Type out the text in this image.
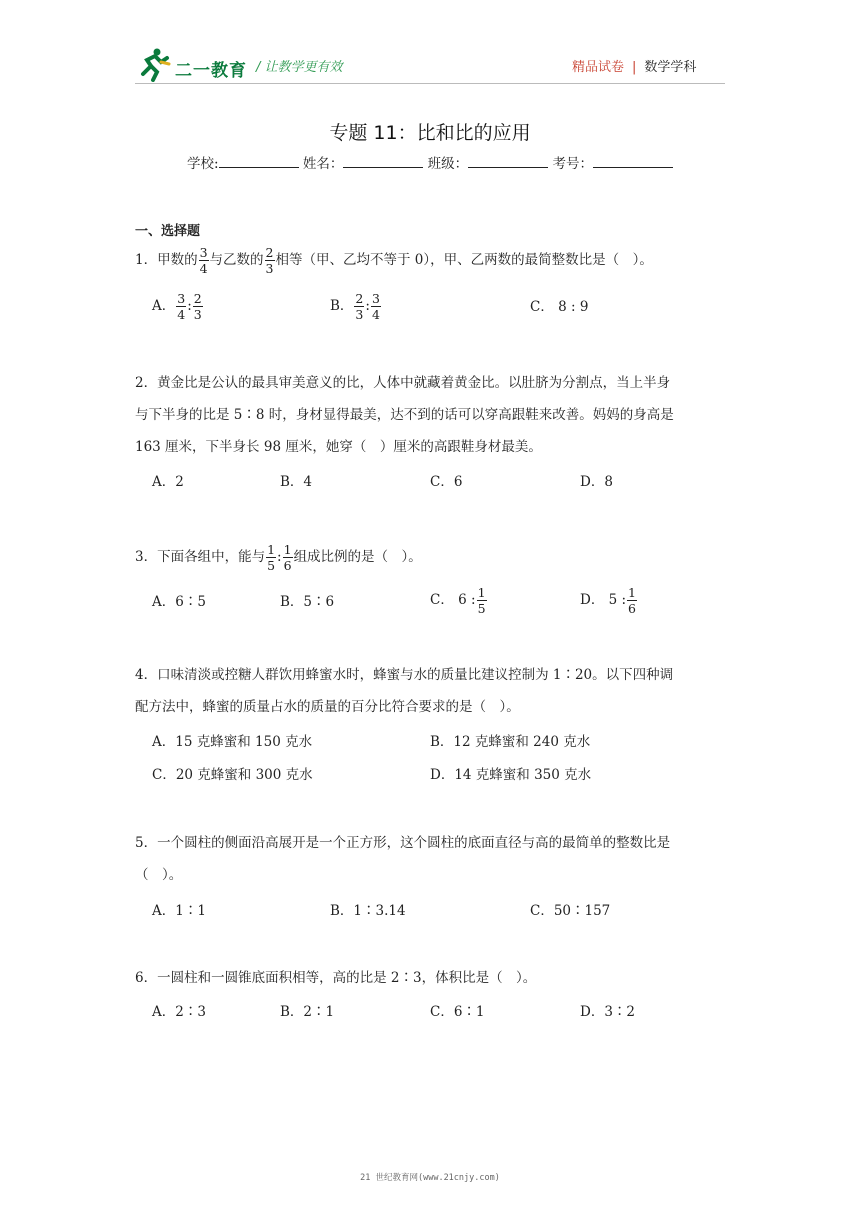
二一教育 / 让教学更有效	精品试卷 | 数学学科
专题 11：比和比的应用
学校:	姓名：	班级：	考号：
一、选择题
1．甲数的 $\frac{3}{4}$ 与乙数的 $\frac{2}{3}$ 相等（甲、乙均不等于 0），甲、乙两数的最简整数比是（　）。
A． $\frac{3}{4}$ : $\frac{2}{3}$	B． $\frac{2}{3}$ : $\frac{3}{4}$	C． 8 : 9
2．黄金比是公认的最具审美意义的比，人体中就藏着黄金比。以肚脐为分割点，当上半身
与下半身的比是 5∶8 时，身材显得最美，达不到的话可以穿高跟鞋来改善。妈妈的身高是
163 厘米，下半身长 98 厘米，她穿（　）厘米的高跟鞋身材最美。
A．2	B．4	C．6	D．8
3．下面各组中，能与 $\frac{1}{5}$ : $\frac{1}{6}$ 组成比例的是（　）。
A．6∶5	B．5∶6	C． 6 : $\frac{1}{5}$	D． 5 : $\frac{1}{6}$
4．口味清淡或控糖人群饮用蜂蜜水时，蜂蜜与水的质量比建议控制为 1∶20。以下四种调
配方法中，蜂蜜的质量占水的质量的百分比符合要求的是（　）。
A．15 克蜂蜜和 150 克水	B．12 克蜂蜜和 240 克水
C．20 克蜂蜜和 300 克水	D．14 克蜂蜜和 350 克水
5．一个圆柱的侧面沿高展开是一个正方形，这个圆柱的底面直径与高的最简单的整数比是
（　）。
A．1∶1	B．1∶3.14	C．50∶157
6．一圆柱和一圆锥底面积相等，高的比是 2∶3，体积比是（　）。
A．2∶3	B．2∶1	C．6∶1	D．3∶2
21 世纪教育网(www.21cnjy.com)
